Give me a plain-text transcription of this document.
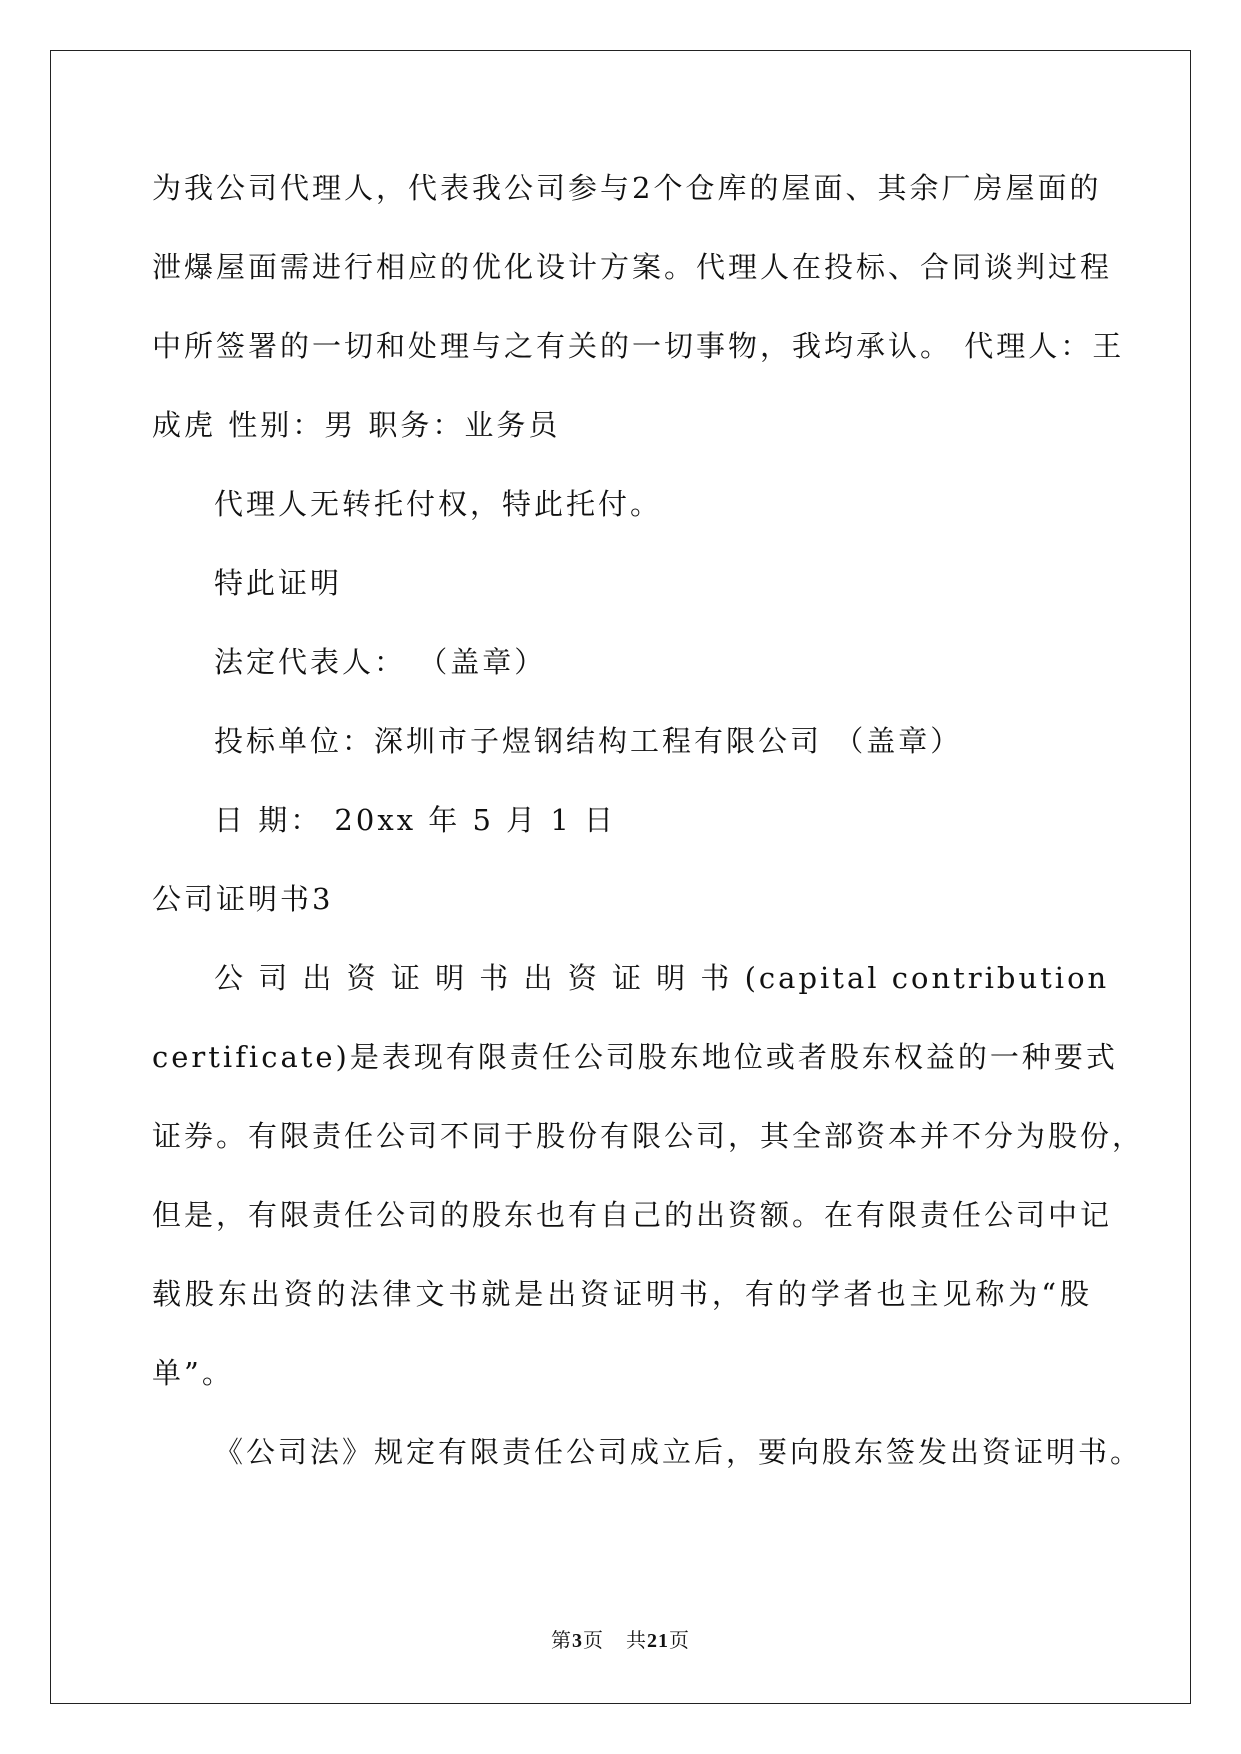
为我公司代理人，代表我公司参与2个仓库的屋面、其余厂房屋面的
泄爆屋面需进行相应的优化设计方案。代理人在投标、合同谈判过程
中所签署的一切和处理与之有关的一切事物，我均承认。 代理人：王
成虎 性别：男 职务：业务员
代理人无转托付权，特此托付。
特此证明
法定代表人： （盖章）
投标单位：深圳市子煜钢结构工程有限公司 （盖章）
日 期： 20xx 年 5 月 1 日
公司证明书3
公 司 出 资 证 明 书 出 资 证 明 书 (capital contribution
certificate)是表现有限责任公司股东地位或者股东权益的一种要式
证券。有限责任公司不同于股份有限公司，其全部资本并不分为股份，
但是，有限责任公司的股东也有自己的出资额。在有限责任公司中记
载股东出资的法律文书就是出资证明书，有的学者也主见称为“股
单”。
《公司法》规定有限责任公司成立后，要向股东签发出资证明书。
第3页 共21页
